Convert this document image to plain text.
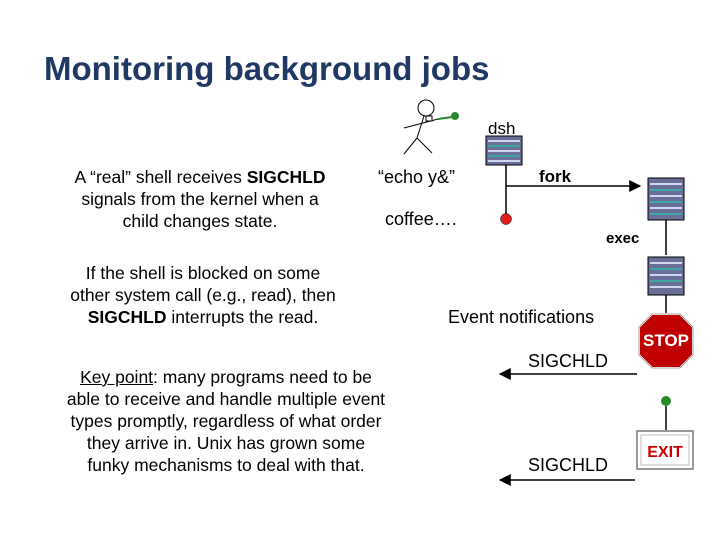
Monitoring background jobs
A “real” shell receives SIGCHLD
signals from the kernel when a
child changes state.
If the shell is blocked on some
other system call (e.g., read), then
SIGCHLD interrupts the read.
Key point: many programs need to be
able to receive and handle multiple event
types promptly, regardless of what order
they arrive in. Unix has grown some
funky mechanisms to deal with that.
STOP
EXIT
dsh
“echo y&”
coffee….
fork
exec
Event notifications
SIGCHLD
SIGCHLD
